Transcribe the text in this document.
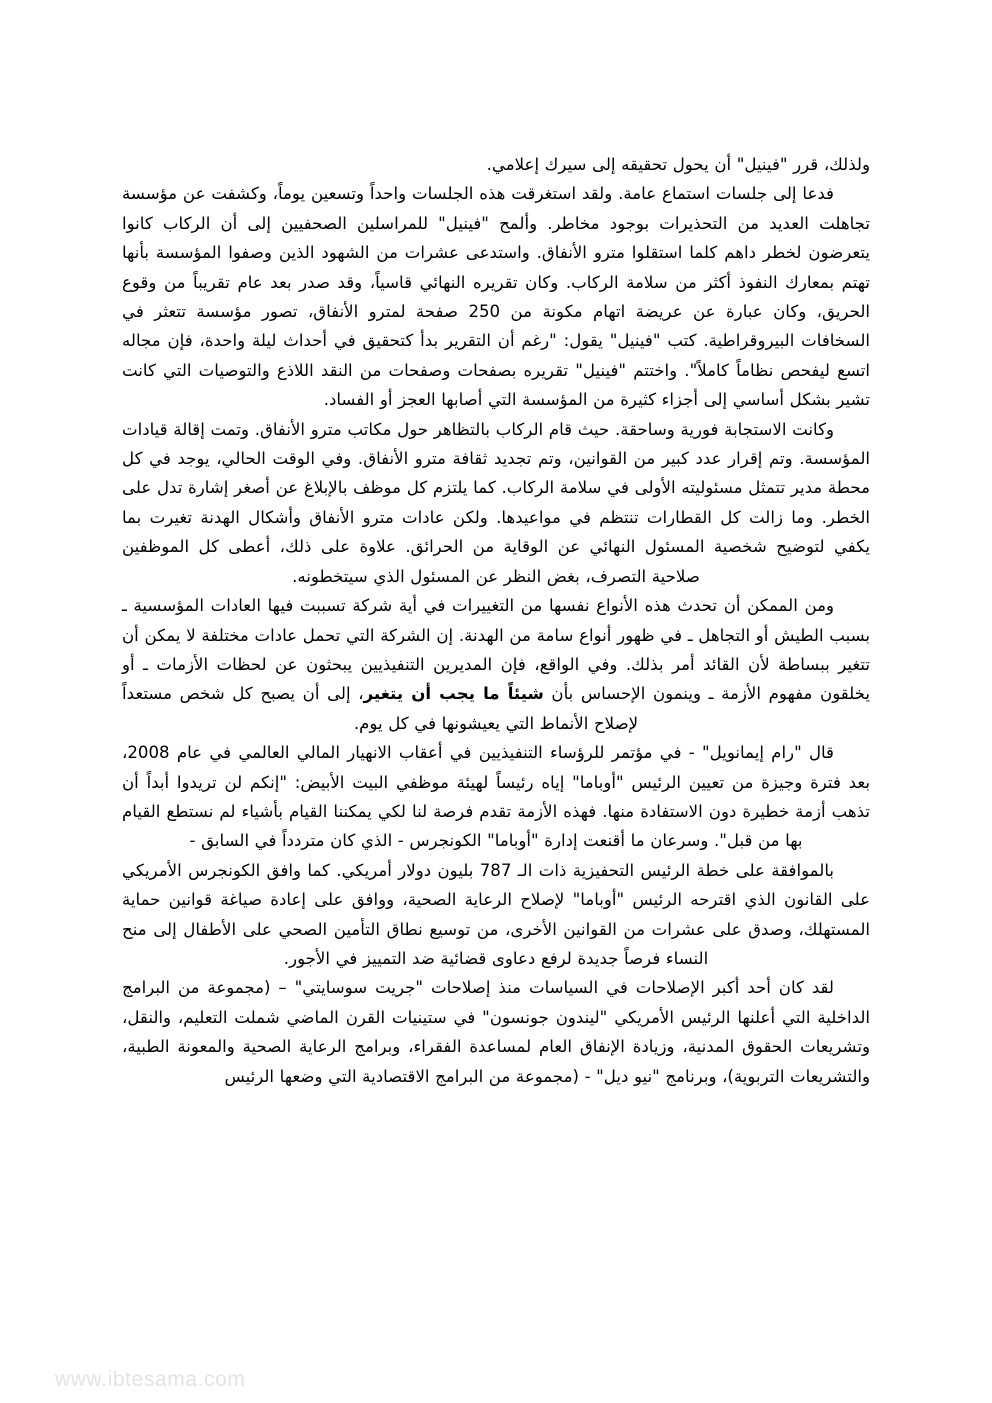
ولذلك، قرر "فينيل" أن يحول تحقيقه إلى سيرك إعلامي.

فدعا إلى جلسات استماع عامة. ولقد استغرقت هذه الجلسات واحداً وتسعين يوماً، وكشفت عن مؤسسة تجاهلت العديد من التحذيرات بوجود مخاطر. وألمح "فينيل" للمراسلين الصحفيين إلى أن الركاب كانوا يتعرضون لخطر داهم كلما استقلوا مترو الأنفاق. واستدعى عشرات من الشهود الذين وصفوا المؤسسة بأنها تهتم بمعارك النفوذ أكثر من سلامة الركاب. وكان تقريره النهائي قاسياً، وقد صدر بعد عام تقريباً من وقوع الحريق، وكان عبارة عن عريضة اتهام مكونة من 250 صفحة لمترو الأنفاق، تصور مؤسسة تتعثر في السخافات البيروقراطية. كتب "فينيل" يقول: "رغم أن التقرير بدأ كتحقيق في أحداث ليلة واحدة، فإن مجاله اتسع ليفحص نظاماً كاملاً". واختتم "فينيل" تقريره بصفحات وصفحات من النقد اللاذع والتوصيات التي كانت تشير بشكل أساسي إلى أجزاء كثيرة من المؤسسة التي أصابها العجز أو الفساد.

وكانت الاستجابة فورية وساحقة. حيث قام الركاب بالتظاهر حول مكاتب مترو الأنفاق. وتمت إقالة قيادات المؤسسة. وتم إقرار عدد كبير من القوانين، وتم تجديد ثقافة مترو الأنفاق. وفي الوقت الحالي، يوجد في كل محطة مدير تتمثل مسئوليته الأولى في سلامة الركاب. كما يلتزم كل موظف بالإبلاغ عن أصغر إشارة تدل على الخطر. وما زالت كل القطارات تنتظم في مواعيدها. ولكن عادات مترو الأنفاق وأشكال الهدنة تغيرت بما يكفي لتوضيح شخصية المسئول النهائي عن الوقاية من الحرائق. علاوة على ذلك، أعطى كل الموظفين صلاحية التصرف، بغض النظر عن المسئول الذي سيتخطونه.

ومن الممكن أن تحدث هذه الأنواع نفسها من التغييرات في أية شركة تسببت فيها العادات المؤسسية ـ بسبب الطيش أو التجاهل ـ في ظهور أنواع سامة من الهدنة. إن الشركة التي تحمل عادات مختلفة لا يمكن أن تتغير ببساطة لأن القائد أمر بذلك. وفي الواقع، فإن المديرين التنفيذيين يبحثون عن لحظات الأزمات ـ أو يخلقون مفهوم الأزمة ـ وينمون الإحساس بأن شيئاً ما يجب أن يتغير، إلى أن يصبح كل شخص مستعداً لإصلاح الأنماط التي يعيشونها في كل يوم.

قال "رام إيمانويل" - في مؤتمر للرؤساء التنفيذيين في أعقاب الانهيار المالي العالمي في عام 2008، بعد فترة وجيزة من تعيين الرئيس "أوباما" إياه رئيساً لهيئة موظفي البيت الأبيض: "إنكم لن تريدوا أبداً أن تذهب أزمة خطيرة دون الاستفادة منها. فهذه الأزمة تقدم فرصة لنا لكي يمكننا القيام بأشياء لم نستطع القيام بها من قبل". وسرعان ما أقنعت إدارة "أوباما" الكونجرس - الذي كان متردداً في السابق -

بالموافقة على خطة الرئيس التحفيزية ذات الـ 787 بليون دولار أمريكي. كما وافق الكونجرس الأمريكي على القانون الذي اقترحه الرئيس "أوباما" لإصلاح الرعاية الصحية، ووافق على إعادة صياغة قوانين حماية المستهلك، وصدق على عشرات من القوانين الأخرى، من توسيع نطاق التأمين الصحي على الأطفال إلى منح النساء فرصاً جديدة لرفع دعاوى قضائية ضد التمييز في الأجور.

لقد كان أحد أكبر الإصلاحات في السياسات منذ إصلاحات "جريت سوسايتي" – (مجموعة من البرامج الداخلية التي أعلنها الرئيس الأمريكي "ليندون جونسون" في ستينيات القرن الماضي شملت التعليم، والنقل، وتشريعات الحقوق المدنية، وزيادة الإنفاق العام لمساعدة الفقراء، وبرامج الرعاية الصحية والمعونة الطبية، والتشريعات التربوية)، وبرنامج "نيو ديل" - (مجموعة من البرامج الاقتصادية التي وضعها الرئيس

www.ibtesama.com
